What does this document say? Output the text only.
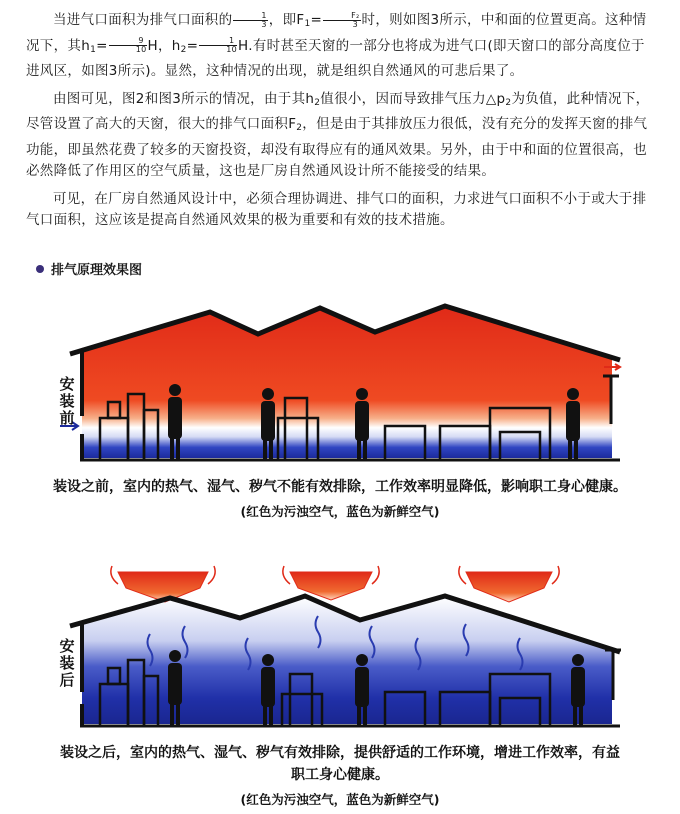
当进气口面积为排气口面积的 $\frac{1}{3}$ ，即$F_1= \frac{\text{F₂}}{3}$ 时，则如图3所示，中和面的位置更高。这种情况下，其$h_1= \frac{9}{10}$ H，$h_2= \frac{1}{10} H$.有时甚至天窗的一部分也将成为进气口(即天窗口的部分高度位于进风区，如图3所示)。显然，这种情况的出现，就是组织自然通风的可悲后果了。

由图可见，图2和图3所示的情况，由于其$h_2$值很小，因而导致排气压力$\triangle p_2$为负值，此种情况下，尽管设置了高大的天窗，很大的排气口面积$F_2$，但是由于其排放压力很低，没有充分的发挥天窗的排气功能，即虽然花费了较多的天窗投资，却没有取得应有的通风效果。另外，由于中和面的位置很高，也必然降低了作用区的空气质量，这也是厂房自然通风设计所不能接受的结果。

可见，在厂房自然通风设计中，必须合理协调进、排气口的面积，力求进气口面积不小于或大于排气口面积，这应该是提高自然通风效果的极为重要和有效的技术措施。

排气原理效果图
安
装
前
装设之前，室内的热气、湿气、秽气不能有效排除，工作效率明显降低，影响职工身心健康。
(红色为污浊空气，蓝色为新鲜空气)
安
装
后
装设之后，室内的热气、湿气、秽气有效排除，提供舒适的工作环境，增进工作效率，有益
职工身心健康。
(红色为污浊空气，蓝色为新鲜空气)
